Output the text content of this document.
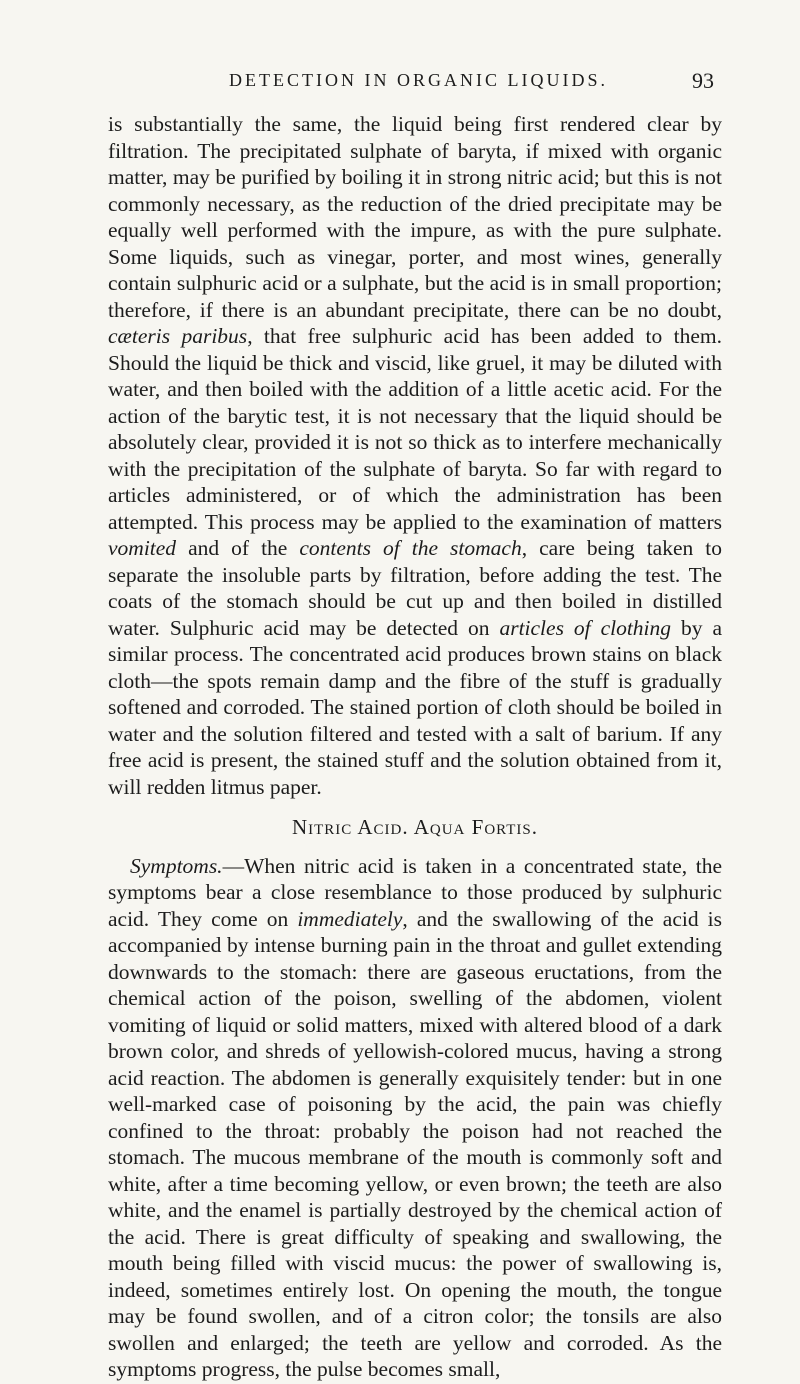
DETECTION IN ORGANIC LIQUIDS.	93

is substantially the same, the liquid being first rendered clear by filtration. The precipitated sulphate of baryta, if mixed with organic matter, may be purified by boiling it in strong nitric acid; but this is not commonly necessary, as the reduction of the dried precipitate may be equally well performed with the impure, as with the pure sulphate. Some liquids, such as vinegar, porter, and most wines, generally contain sulphuric acid or a sulphate, but the acid is in small proportion; therefore, if there is an abundant precipitate, there can be no doubt, cæteris paribus, that free sulphuric acid has been added to them. Should the liquid be thick and viscid, like gruel, it may be diluted with water, and then boiled with the addition of a little acetic acid. For the action of the barytic test, it is not necessary that the liquid should be absolutely clear, provided it is not so thick as to interfere mechanically with the precipitation of the sulphate of baryta. So far with regard to articles administered, or of which the administration has been attempted. This process may be applied to the examination of matters vomited and of the contents of the stomach, care being taken to separate the insoluble parts by filtration, before adding the test. The coats of the stomach should be cut up and then boiled in distilled water. Sulphuric acid may be detected on articles of clothing by a similar process. The concentrated acid produces brown stains on black cloth—the spots remain damp and the fibre of the stuff is gradually softened and corroded. The stained portion of cloth should be boiled in water and the solution filtered and tested with a salt of barium. If any free acid is present, the stained stuff and the solution obtained from it, will redden litmus paper.

Nitric Acid. Aqua Fortis.

Symptoms.—When nitric acid is taken in a concentrated state, the symptoms bear a close resemblance to those produced by sulphuric acid. They come on immediately, and the swallowing of the acid is accompanied by intense burning pain in the throat and gullet extending downwards to the stomach: there are gaseous eructations, from the chemical action of the poison, swelling of the abdomen, violent vomiting of liquid or solid matters, mixed with altered blood of a dark brown color, and shreds of yellowish-colored mucus, having a strong acid reaction. The abdomen is generally exquisitely tender: but in one well-marked case of poisoning by the acid, the pain was chiefly confined to the throat: probably the poison had not reached the stomach. The mucous membrane of the mouth is commonly soft and white, after a time becoming yellow, or even brown; the teeth are also white, and the enamel is partially destroyed by the chemical action of the acid. There is great difficulty of speaking and swallowing, the mouth being filled with viscid mucus: the power of swallowing is, indeed, sometimes entirely lost. On opening the mouth, the tongue may be found swollen, and of a citron color; the tonsils are also swollen and enlarged; the teeth are yellow and corroded. As the symptoms progress, the pulse becomes small,
